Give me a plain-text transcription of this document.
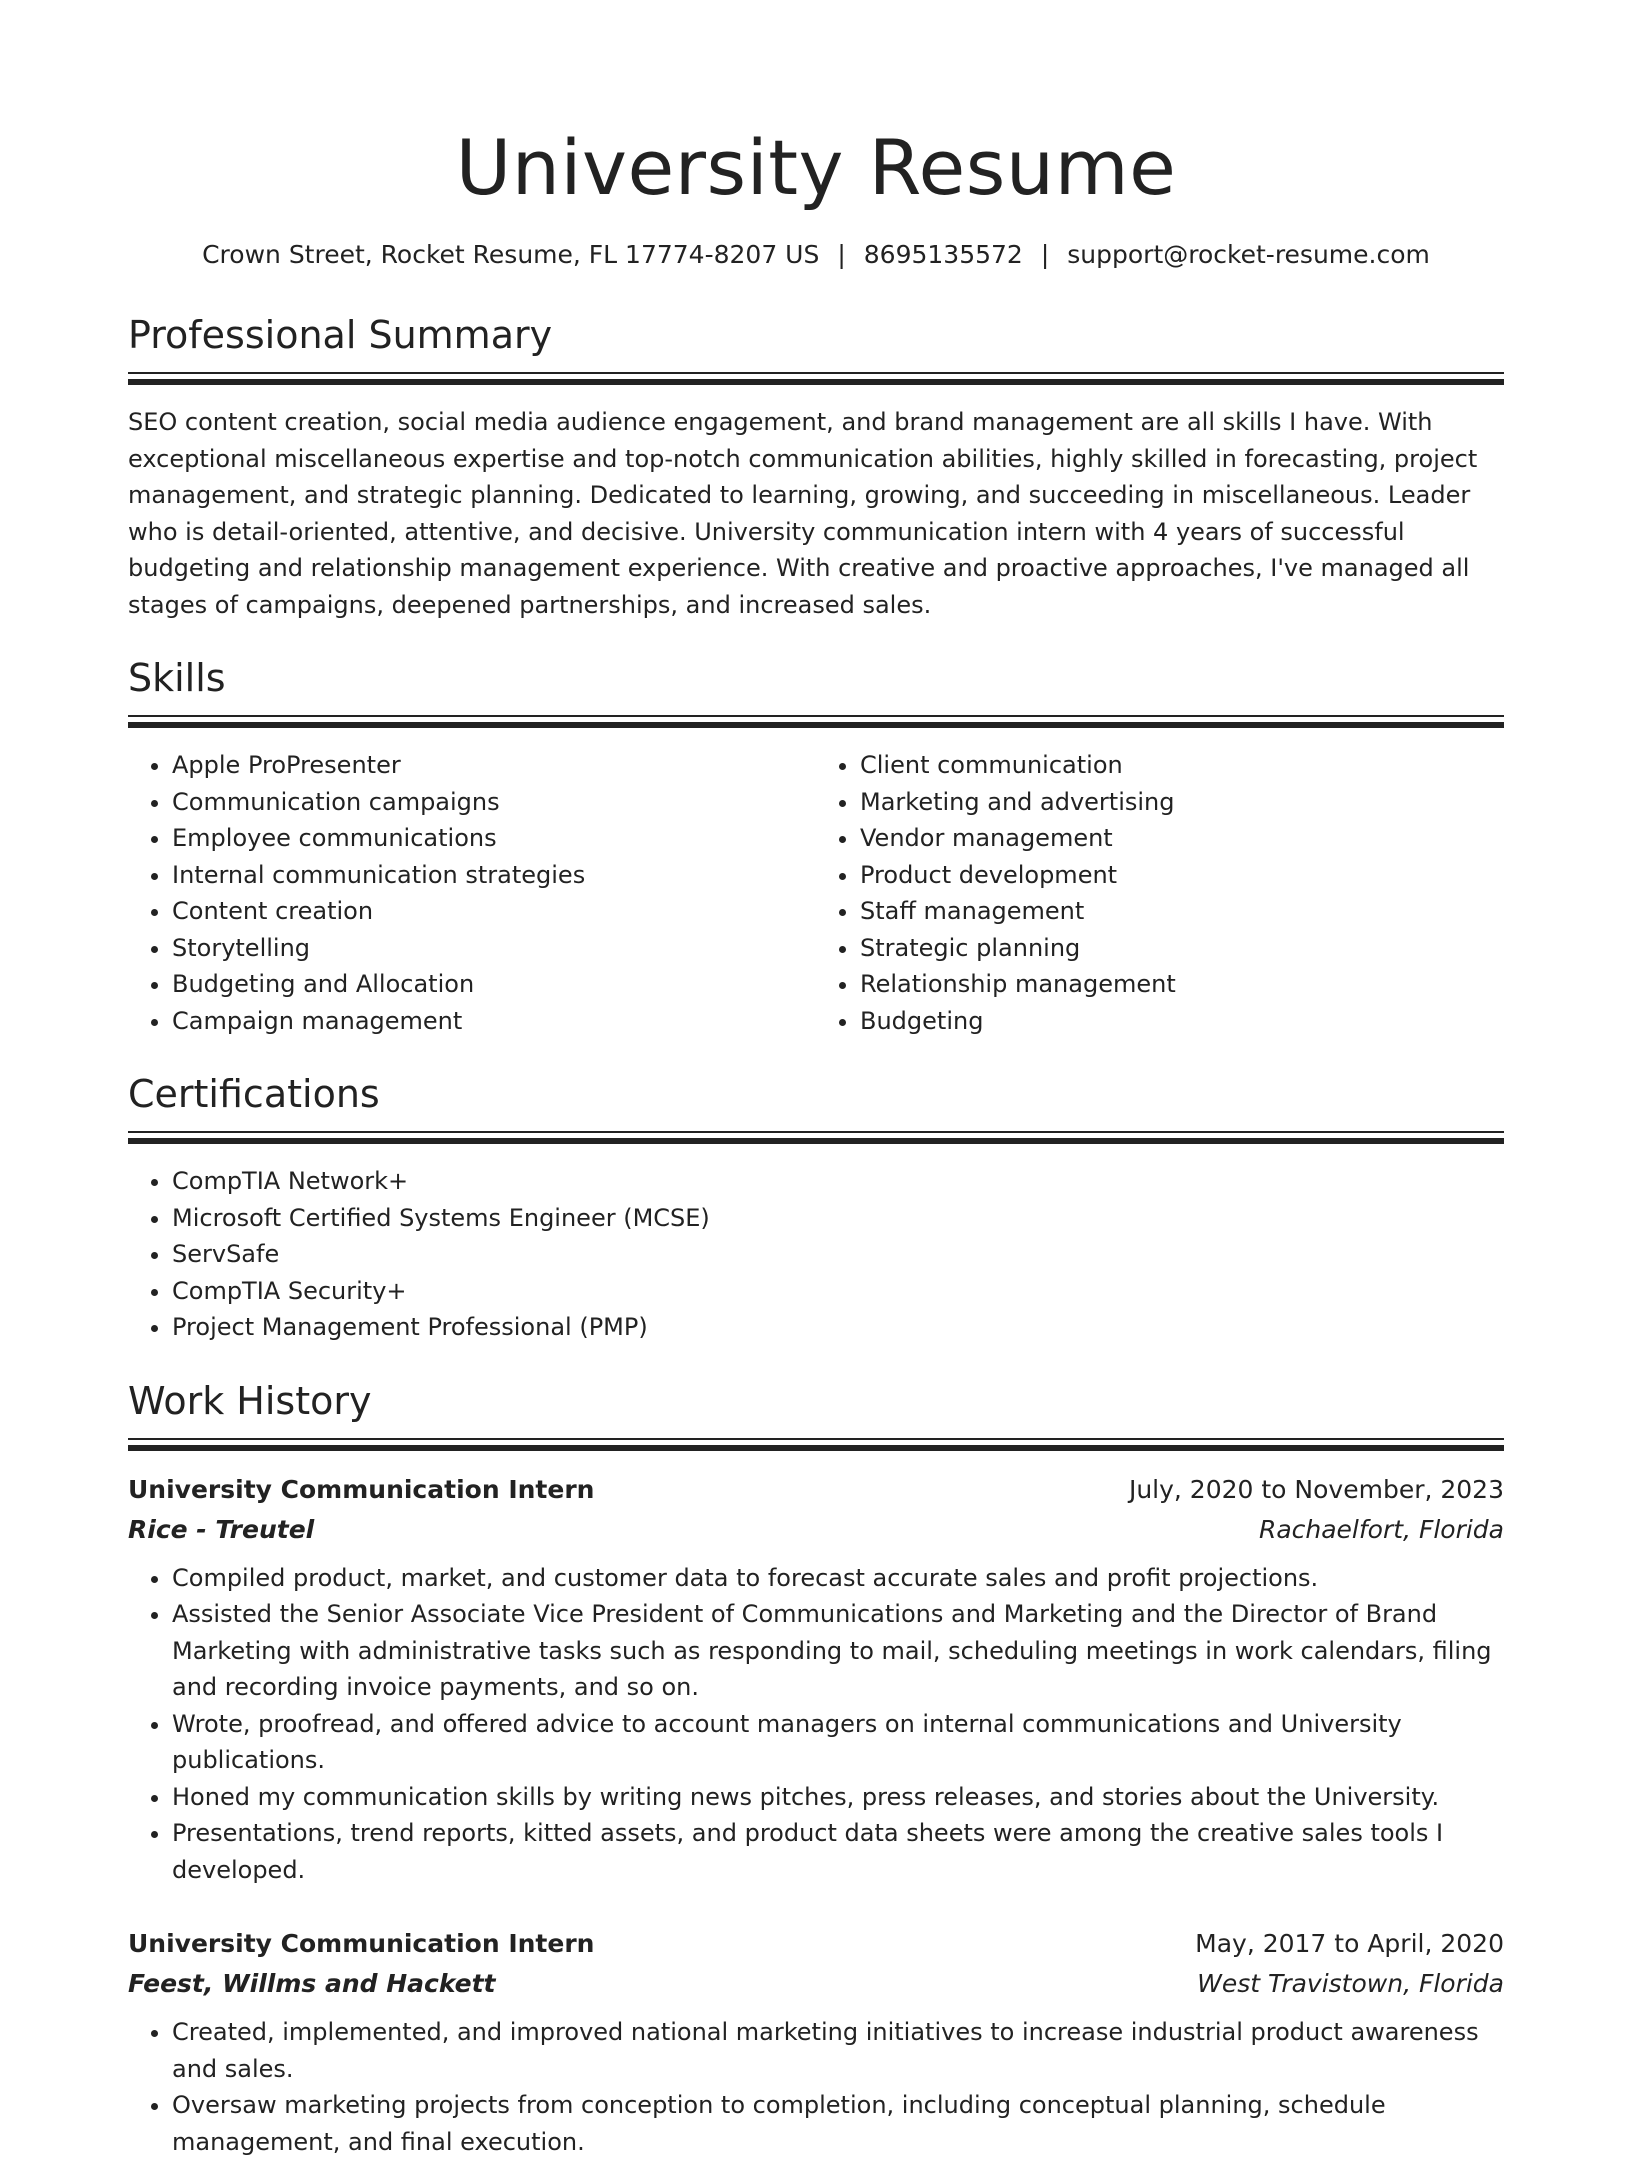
University Resume
Crown Street, Rocket Resume, FL 17774-8207 US | 8695135572 | support@rocket-resume.com
Professional Summary
SEO content creation, social media audience engagement, and brand management are all skills I have. With exceptional miscellaneous expertise and top-notch communication abilities, highly skilled in forecasting, project management, and strategic planning. Dedicated to learning, growing, and succeeding in miscellaneous. Leader who is detail-oriented, attentive, and decisive. University communication intern with 4 years of successful budgeting and relationship management experience. With creative and proactive approaches, I've managed all stages of campaigns, deepened partnerships, and increased sales.
Skills
• Apple ProPresenter
• Communication campaigns
• Employee communications
• Internal communication strategies
• Content creation
• Storytelling
• Budgeting and Allocation
• Campaign management
• Client communication
• Marketing and advertising
• Vendor management
• Product development
• Staff management
• Strategic planning
• Relationship management
• Budgeting
Certifications
• CompTIA Network+
• Microsoft Certified Systems Engineer (MCSE)
• ServSafe
• CompTIA Security+
• Project Management Professional (PMP)
Work History
University Communication Intern	July, 2020 to November, 2023
Rice - Treutel	Rachaelfort, Florida
• Compiled product, market, and customer data to forecast accurate sales and profit projections.
• Assisted the Senior Associate Vice President of Communications and Marketing and the Director of Brand Marketing with administrative tasks such as responding to mail, scheduling meetings in work calendars, filing and recording invoice payments, and so on.
• Wrote, proofread, and offered advice to account managers on internal communications and University publications.
• Honed my communication skills by writing news pitches, press releases, and stories about the University.
• Presentations, trend reports, kitted assets, and product data sheets were among the creative sales tools I developed.
University Communication Intern	May, 2017 to April, 2020
Feest, Willms and Hackett	West Travistown, Florida
• Created, implemented, and improved national marketing initiatives to increase industrial product awareness and sales.
• Oversaw marketing projects from conception to completion, including conceptual planning, schedule management, and final execution.
